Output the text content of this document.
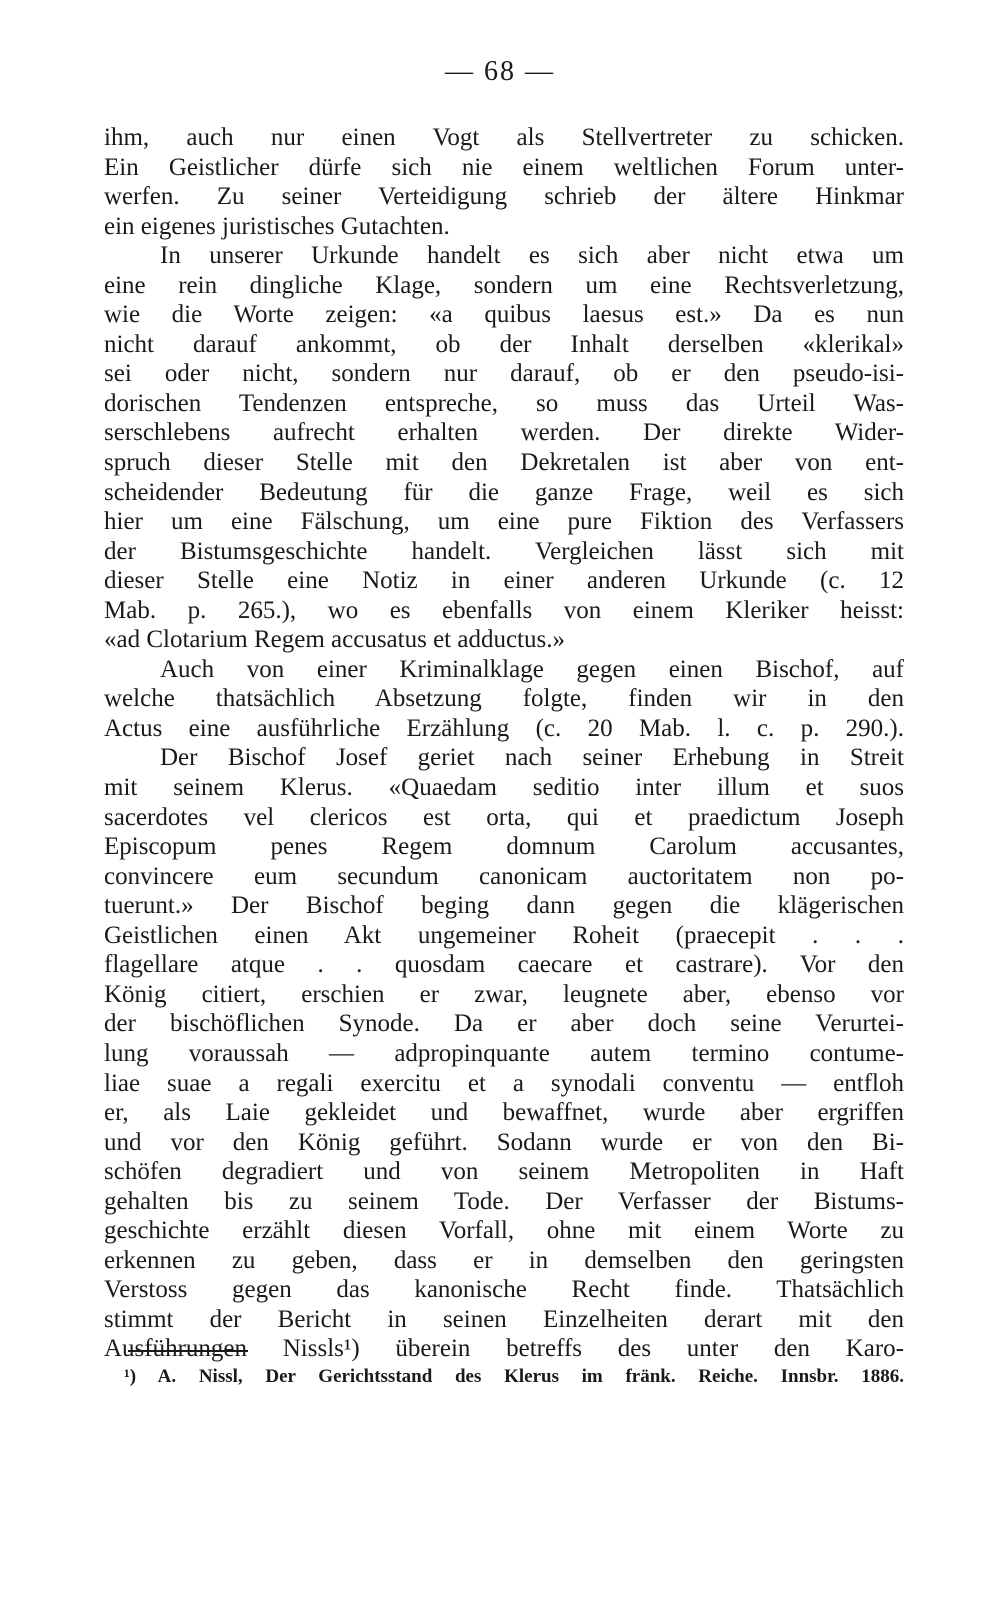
— 68 —
ihm, auch nur einen Vogt als Stellvertreter zu schicken.
Ein Geistlicher dürfe sich nie einem weltlichen Forum unter-
werfen. Zu seiner Verteidigung schrieb der ältere Hinkmar
ein eigenes juristisches Gutachten.
In unserer Urkunde handelt es sich aber nicht etwa um
eine rein dingliche Klage, sondern um eine Rechtsverletzung,
wie die Worte zeigen: «a quibus laesus est.» Da es nun
nicht darauf ankommt, ob der Inhalt derselben «klerikal»
sei oder nicht, sondern nur darauf, ob er den pseudo-isi-
dorischen Tendenzen entspreche, so muss das Urteil Was-
serschlebens aufrecht erhalten werden. Der direkte Wider-
spruch dieser Stelle mit den Dekretalen ist aber von ent-
scheidender Bedeutung für die ganze Frage, weil es sich
hier um eine Fälschung, um eine pure Fiktion des Verfassers
der Bistumsgeschichte handelt. Vergleichen lässt sich mit
dieser Stelle eine Notiz in einer anderen Urkunde (c. 12
Mab. p. 265.), wo es ebenfalls von einem Kleriker heisst:
«ad Clotarium Regem accusatus et adductus.»
Auch von einer Kriminalklage gegen einen Bischof, auf
welche thatsächlich Absetzung folgte, finden wir in den
Actus eine ausführliche Erzählung (c. 20 Mab. l. c. p. 290.).
Der Bischof Josef geriet nach seiner Erhebung in Streit
mit seinem Klerus. «Quaedam seditio inter illum et suos
sacerdotes vel clericos est orta, qui et praedictum Joseph
Episcopum penes Regem domnum Carolum accusantes,
convincere eum secundum canonicam auctoritatem non po-
tuerunt.» Der Bischof beging dann gegen die klägerischen
Geistlichen einen Akt ungemeiner Roheit (praecepit . . .
flagellare atque . . quosdam caecare et castrare). Vor den
König citiert, erschien er zwar, leugnete aber, ebenso vor
der bischöflichen Synode. Da er aber doch seine Verurtei-
lung voraussah — adpropinquante autem termino contume-
liae suae a regali exercitu et a synodali conventu — entfloh
er, als Laie gekleidet und bewaffnet, wurde aber ergriffen
und vor den König geführt. Sodann wurde er von den Bi-
schöfen degradiert und von seinem Metropoliten in Haft
gehalten bis zu seinem Tode. Der Verfasser der Bistums-
geschichte erzählt diesen Vorfall, ohne mit einem Worte zu
erkennen zu geben, dass er in demselben den geringsten
Verstoss gegen das kanonische Recht finde. Thatsächlich
stimmt der Bericht in seinen Einzelheiten derart mit den
Ausführungen Nissls¹) überein betreffs des unter den Karo-
¹) A. Nissl, Der Gerichtsstand des Klerus im fränk. Reiche. Innsbr. 1886.
